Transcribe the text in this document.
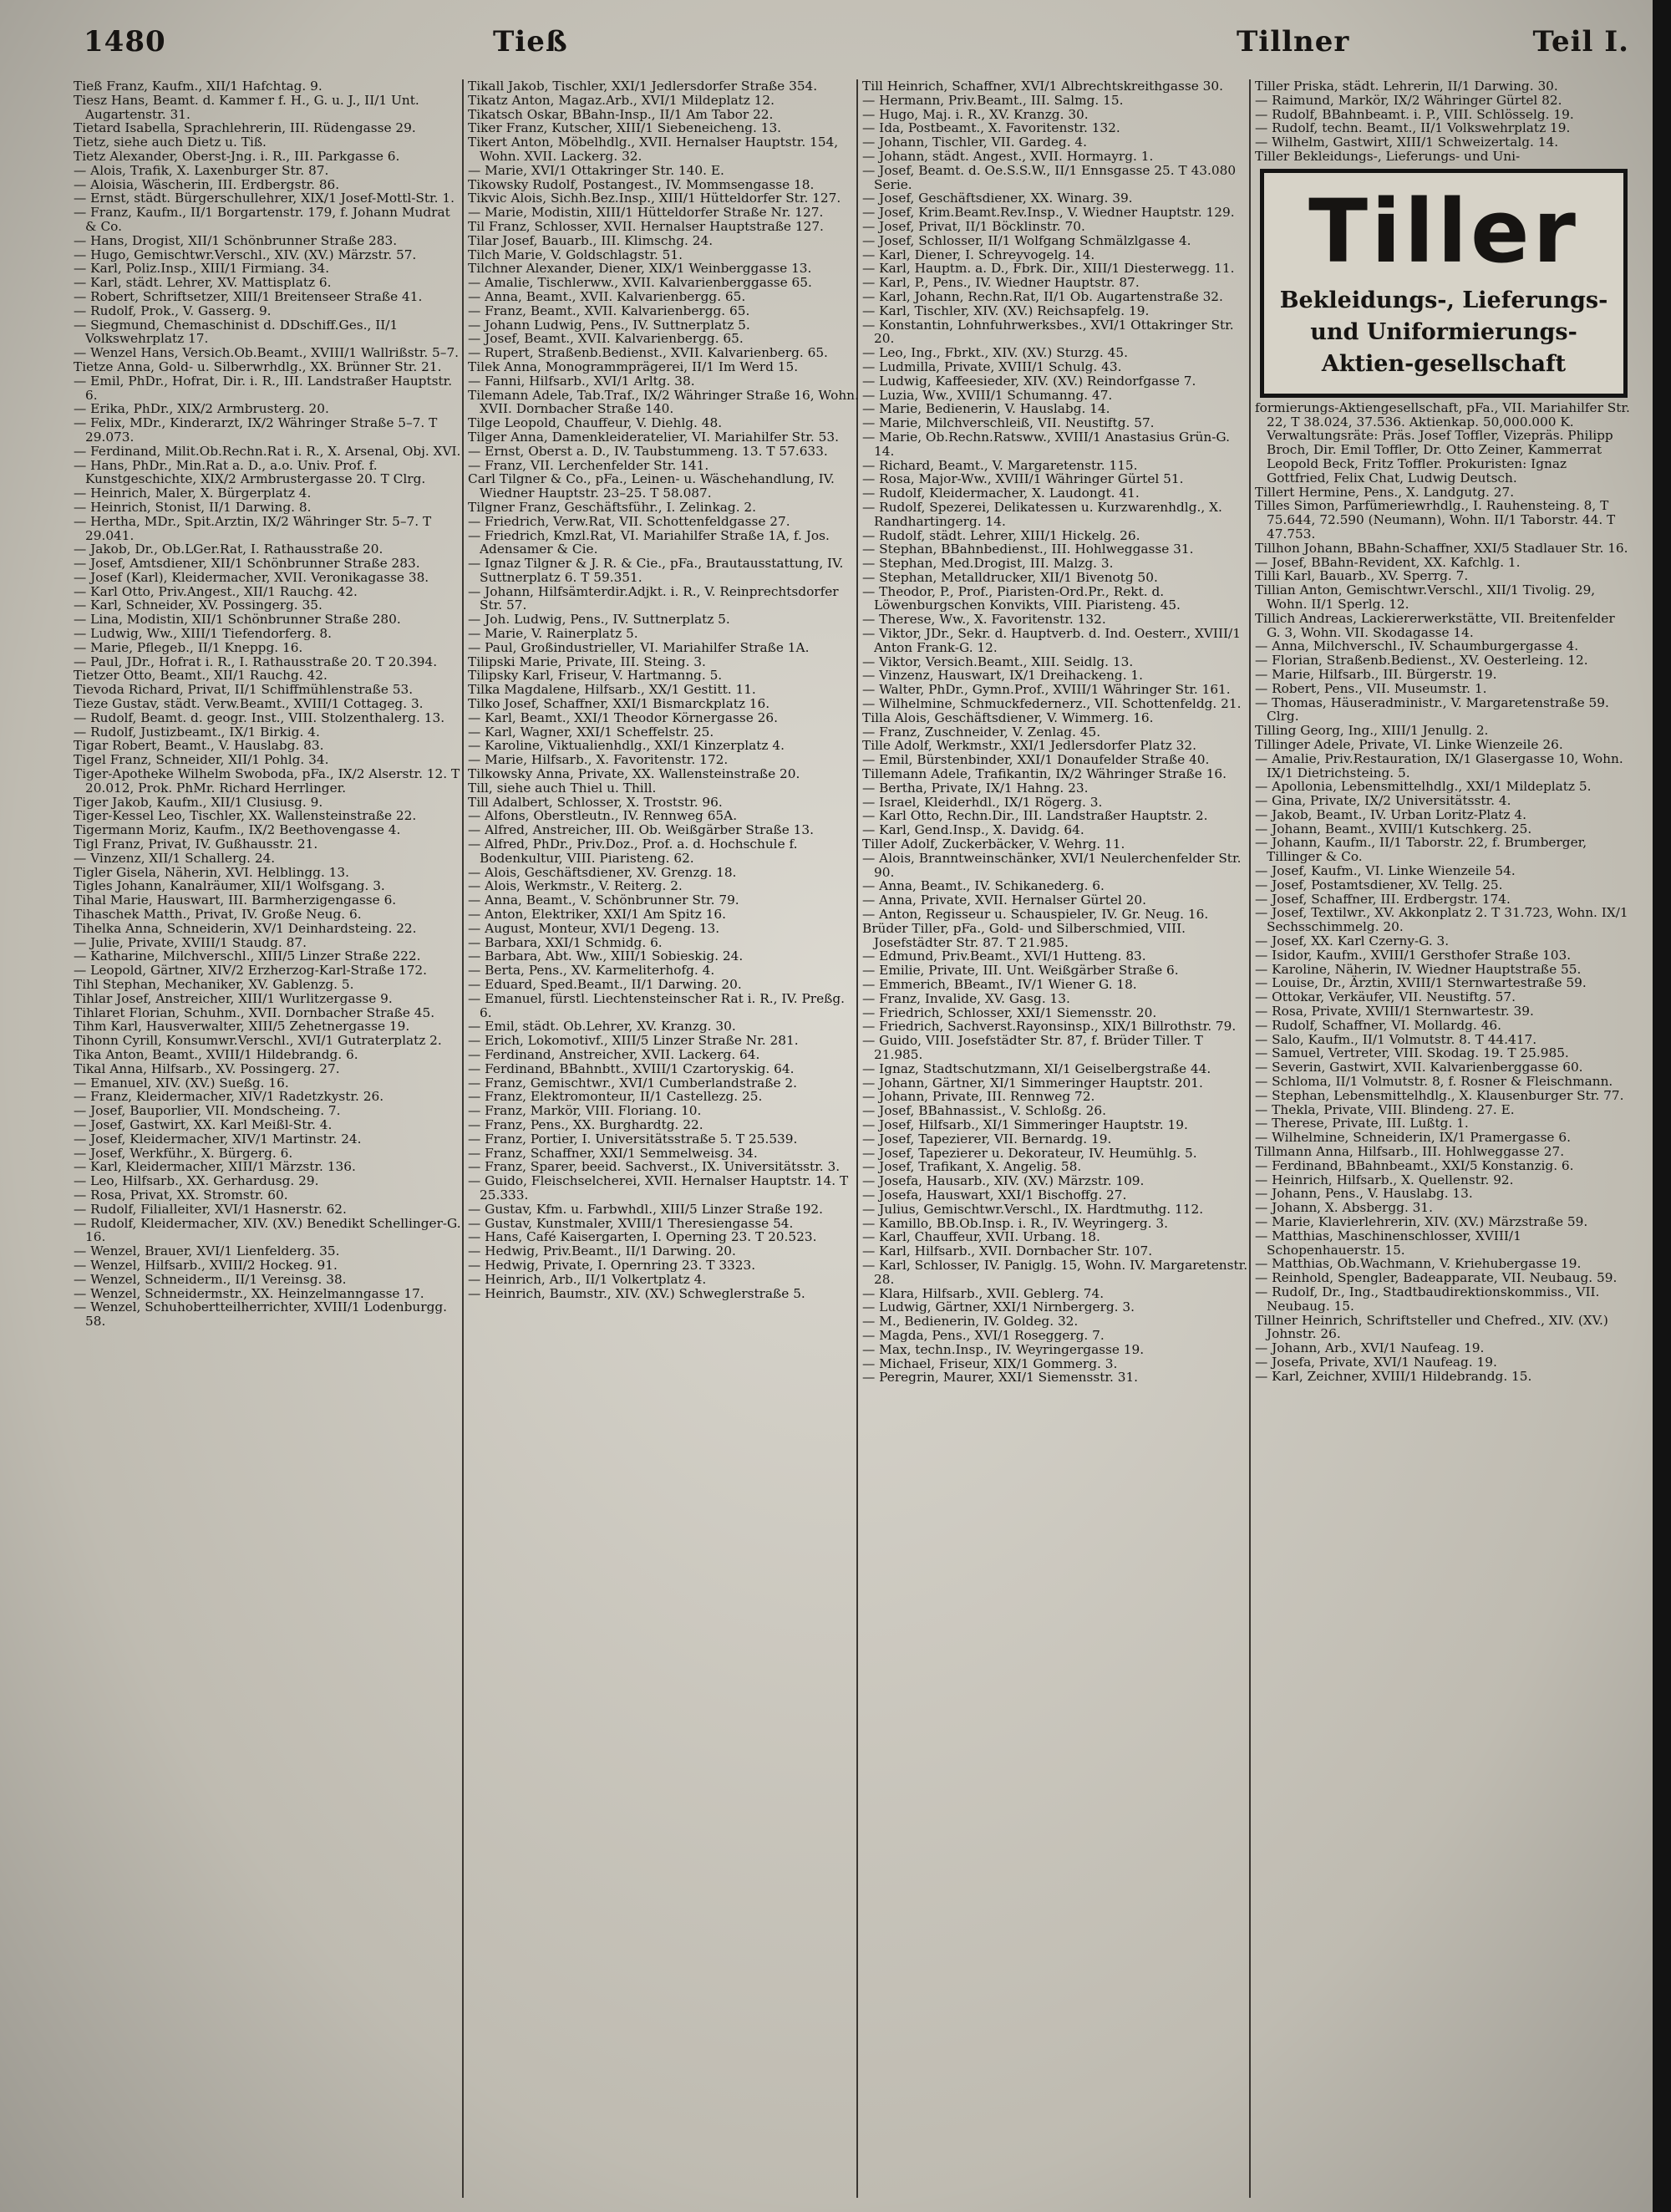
1480	Tieß	Tillner	Teil I.

Tieß Franz, Kaufm., XII/1 Hafchtag. 9.

Tiesz Hans, Beamt. d. Kammer f. H., G. u. J., II/1 Unt. Augartenstr. 31.

Tietard Isabella, Sprachlehrerin, III. Rüdengasse 29.

Tietz, siehe auch Dietz u. Tiß.

Tietz Alexander, Oberst-Jng. i. R., III. Parkgasse 6.

— Alois, Trafik, X. Laxenburger Str. 87.

— Aloisia, Wäscherin, III. Erdbergstr. 86.

— Ernst, städt. Bürgerschullehrer, XIX/1 Josef-Mottl-Str. 1.

— Franz, Kaufm., II/1 Borgartenstr. 179, f. Johann Mudrat & Co.

— Hans, Drogist, XII/1 Schönbrunner Straße 283.

— Hugo, Gemischtwr.Verschl., XIV. (XV.) Märzstr. 57.

— Karl, Poliz.Insp., XIII/1 Firmiang. 34.

— Karl, städt. Lehrer, XV. Mattisplatz 6.

— Robert, Schriftsetzer, XIII/1 Breitenseer Straße 41.

— Rudolf, Prok., V. Gasserg. 9.

— Siegmund, Chemaschinist d. DDschiff.Ges., II/1 Volkswehrplatz 17.

— Wenzel Hans, Versich.Ob.Beamt., XVIII/1 Wallrißstr. 5–7.

Tietze Anna, Gold- u. Silberwrhdlg., XX. Brünner Str. 21.

— Emil, PhDr., Hofrat, Dir. i. R., III. Landstraßer Hauptstr. 6.

— Erika, PhDr., XIX/2 Armbrusterg. 20.

— Felix, MDr., Kinderarzt, IX/2 Währinger Straße 5–7. T 29.073.

— Ferdinand, Milit.Ob.Rechn.Rat i. R., X. Arsenal, Obj. XVI.

— Hans, PhDr., Min.Rat a. D., a.o. Univ. Prof. f. Kunstgeschichte, XIX/2 Armbrustergasse 20. T Clrg.

— Heinrich, Maler, X. Bürgerplatz 4.

— Heinrich, Stonist, II/1 Darwing. 8.

— Hertha, MDr., Spit.Arztin, IX/2 Währinger Str. 5–7. T 29.041.

— Jakob, Dr., Ob.LGer.Rat, I. Rathausstraße 20.

— Josef, Amtsdiener, XII/1 Schönbrunner Straße 283.

— Josef (Karl), Kleidermacher, XVII. Veronikagasse 38.

— Karl Otto, Priv.Angest., XII/1 Rauchg. 42.

— Karl, Schneider, XV. Possingerg. 35.

— Lina, Modistin, XII/1 Schönbrunner Straße 280.

— Ludwig, Ww., XIII/1 Tiefendorferg. 8.

— Marie, Pflegeb., II/1 Kneppg. 16.

— Paul, JDr., Hofrat i. R., I. Rathausstraße 20. T 20.394.

Tietzer Otto, Beamt., XII/1 Rauchg. 42.

Tievoda Richard, Privat, II/1 Schiffmühlenstraße 53.

Tieze Gustav, städt. Verw.Beamt., XVIII/1 Cottageg. 3.

— Rudolf, Beamt. d. geogr. Inst., VIII. Stolzenthalerg. 13.

— Rudolf, Justizbeamt., IX/1 Birkig. 4.

Tigar Robert, Beamt., V. Hauslabg. 83.

Tigel Franz, Schneider, XII/1 Pohlg. 34.

Tiger-Apotheke Wilhelm Swoboda, pFa., IX/2 Alserstr. 12. T 20.012, Prok. PhMr. Richard Herrlinger.

Tiger Jakob, Kaufm., XII/1 Clusiusg. 9.

Tiger-Kessel Leo, Tischler, XX. Wallensteinstraße 22.

Tigermann Moriz, Kaufm., IX/2 Beethovengasse 4.

Tigl Franz, Privat, IV. Gußhausstr. 21.

— Vinzenz, XII/1 Schallerg. 24.

Tigler Gisela, Näherin, XVI. Helblingg. 13.

Tigles Johann, Kanalräumer, XII/1 Wolfsgang. 3.

Tihal Marie, Hauswart, III. Barmherzigengasse 6.

Tihaschek Matth., Privat, IV. Große Neug. 6.

Tihelka Anna, Schneiderin, XV/1 Deinhardsteing. 22.

— Julie, Private, XVIII/1 Staudg. 87.

— Katharine, Milchverschl., XIII/5 Linzer Straße 222.

— Leopold, Gärtner, XIV/2 Erzherzog-Karl-Straße 172.

Tihl Stephan, Mechaniker, XV. Gablenzg. 5.

Tihlar Josef, Anstreicher, XIII/1 Wurlitzergasse 9.

Tihlaret Florian, Schuhm., XVII. Dornbacher Straße 45.

Tihm Karl, Hausverwalter, XIII/5 Zehetnergasse 19.

Tihonn Cyrill, Konsumwr.Verschl., XVI/1 Gutraterplatz 2.

Tika Anton, Beamt., XVIII/1 Hildebrandg. 6.

Tikal Anna, Hilfsarb., XV. Possingerg. 27.

— Emanuel, XIV. (XV.) Sueßg. 16.

— Franz, Kleidermacher, XIV/1 Radetzkystr. 26.

— Josef, Bauporlier, VII. Mondscheing. 7.

— Josef, Gastwirt, XX. Karl Meißl-Str. 4.

— Josef, Kleidermacher, XIV/1 Martinstr. 24.

— Josef, Werkführ., X. Bürgerg. 6.

— Karl, Kleidermacher, XIII/1 Märzstr. 136.

— Leo, Hilfsarb., XX. Gerhardusg. 29.

— Rosa, Privat, XX. Stromstr. 60.

— Rudolf, Filialleiter, XVI/1 Hasnerstr. 62.

— Rudolf, Kleidermacher, XIV. (XV.) Benedikt Schellinger-G. 16.

— Wenzel, Brauer, XVI/1 Lienfelderg. 35.

— Wenzel, Hilfsarb., XVIII/2 Hockeg. 91.

— Wenzel, Schneiderm., II/1 Vereinsg. 38.

— Wenzel, Schneidermstr., XX. Heinzelmanngasse 17.

— Wenzel, Schuhobertteilherrichter, XVIII/1 Lodenburgg. 58.

Tikall Jakob, Tischler, XXI/1 Jedlersdorfer Straße 354.

Tikatz Anton, Magaz.Arb., XVI/1 Mildeplatz 12.

Tikatsch Oskar, BBahn-Insp., II/1 Am Tabor 22.

Tiker Franz, Kutscher, XIII/1 Siebeneicheng. 13.

Tikert Anton, Möbelhdlg., XVII. Hernalser Hauptstr. 154, Wohn. XVII. Lackerg. 32.

— Marie, XVI/1 Ottakringer Str. 140. E.

Tikowsky Rudolf, Postangest., IV. Mommsengasse 18.

Tikvic Alois, Sichh.Bez.Insp., XIII/1 Hütteldorfer Str. 127.

— Marie, Modistin, XIII/1 Hütteldorfer Straße Nr. 127.

Til Franz, Schlosser, XVII. Hernalser Hauptstraße 127.

Tilar Josef, Bauarb., III. Klimschg. 24.

Tilch Marie, V. Goldschlagstr. 51.

Tilchner Alexander, Diener, XIX/1 Weinberggasse 13.

— Amalie, Tischlerww., XVII. Kalvarienberggasse 65.

— Anna, Beamt., XVII. Kalvarienbergg. 65.

— Franz, Beamt., XVII. Kalvarienbergg. 65.

— Johann Ludwig, Pens., IV. Suttnerplatz 5.

— Josef, Beamt., XVII. Kalvarienbergg. 65.

— Rupert, Straßenb.Bedienst., XVII. Kalvarienberg. 65.

Tilek Anna, Monogrammprägerei, II/1 Im Werd 15.

— Fanni, Hilfsarb., XVI/1 Arltg. 38.

Tilemann Adele, Tab.Traf., IX/2 Währinger Straße 16, Wohn. XVII. Dornbacher Straße 140.

Tilge Leopold, Chauffeur, V. Diehlg. 48.

Tilger Anna, Damenkleideratelier, VI. Mariahilfer Str. 53.

— Ernst, Oberst a. D., IV. Taubstummeng. 13. T 57.633.

— Franz, VII. Lerchenfelder Str. 141.

Carl Tilgner & Co., pFa., Leinen- u. Wäschehandlung, IV. Wiedner Hauptstr. 23–25. T 58.087.

Tilgner Franz, Geschäftsführ., I. Zelinkag. 2.

— Friedrich, Verw.Rat, VII. Schottenfeldgasse 27.

— Friedrich, Kmzl.Rat, VI. Mariahilfer Straße 1A, f. Jos. Adensamer & Cie.

— Ignaz Tilgner & J. R. & Cie., pFa., Brautausstattung, IV. Suttnerplatz 6. T 59.351.

— Johann, Hilfsämterdir.Adjkt. i. R., V. Reinprechtsdorfer Str. 57.

— Joh. Ludwig, Pens., IV. Suttnerplatz 5.

— Marie, V. Rainerplatz 5.

— Paul, Großindustrieller, VI. Mariahilfer Straße 1A.

Tilipski Marie, Private, III. Steing. 3.

Tilipsky Karl, Friseur, V. Hartmanng. 5.

Tilka Magdalene, Hilfsarb., XX/1 Gestitt. 11.

Tilko Josef, Schaffner, XXI/1 Bismarckplatz 16.

— Karl, Beamt., XXI/1 Theodor Körnergasse 26.

— Karl, Wagner, XXI/1 Scheffelstr. 25.

— Karoline, Viktualienhdlg., XXI/1 Kinzerplatz 4.

— Marie, Hilfsarb., X. Favoritenstr. 172.

Tilkowsky Anna, Private, XX. Wallensteinstraße 20.

Till, siehe auch Thiel u. Thill.

Till Adalbert, Schlosser, X. Troststr. 96.

— Alfons, Oberstleutn., IV. Rennweg 65A.

— Alfred, Anstreicher, III. Ob. Weißgärber Straße 13.

— Alfred, PhDr., Priv.Doz., Prof. a. d. Hochschule f. Bodenkultur, VIII. Piaristeng. 62.

— Alois, Geschäftsdiener, XV. Grenzg. 18.

— Alois, Werkmstr., V. Reiterg. 2.

— Anna, Beamt., V. Schönbrunner Str. 79.

— Anton, Elektriker, XXI/1 Am Spitz 16.

— August, Monteur, XVI/1 Degeng. 13.

— Barbara, XXI/1 Schmidg. 6.

— Barbara, Abt. Ww., XIII/1 Sobieskig. 24.

— Berta, Pens., XV. Karmeliterhofg. 4.

— Eduard, Sped.Beamt., II/1 Darwing. 20.

— Emanuel, fürstl. Liechtensteinscher Rat i. R., IV. Preßg. 6.

— Emil, städt. Ob.Lehrer, XV. Kranzg. 30.

— Erich, Lokomotivf., XIII/5 Linzer Straße Nr. 281.

— Ferdinand, Anstreicher, XVII. Lackerg. 64.

— Ferdinand, BBahnbtt., XVIII/1 Czartoryskig. 64.

— Franz, Gemischtwr., XVI/1 Cumberlandstraße 2.

— Franz, Elektromonteur, II/1 Castellezg. 25.

— Franz, Markör, VIII. Floriang. 10.

— Franz, Pens., XX. Burghardtg. 22.

— Franz, Portier, I. Universitätsstraße 5. T 25.539.

— Franz, Schaffner, XXI/1 Semmelweisg. 34.

— Franz, Sparer, beeid. Sachverst., IX. Universitätsstr. 3.

— Guido, Fleischselcherei, XVII. Hernalser Hauptstr. 14. T 25.333.

— Gustav, Kfm. u. Farbwhdl., XIII/5 Linzer Straße 192.

— Gustav, Kunstmaler, XVIII/1 Theresiengasse 54.

— Hans, Café Kaisergarten, I. Operning 23. T 20.523.

— Hedwig, Priv.Beamt., II/1 Darwing. 20.

— Hedwig, Private, I. Opernring 23. T 3323.

— Heinrich, Arb., II/1 Volkertplatz 4.

— Heinrich, Baumstr., XIV. (XV.) Schweglerstraße 5.

Till Heinrich, Schaffner, XVI/1 Albrechtskreithgasse 30.

— Hermann, Priv.Beamt., III. Salmg. 15.

— Hugo, Maj. i. R., XV. Kranzg. 30.

— Ida, Postbeamt., X. Favoritenstr. 132.

— Johann, Tischler, VII. Gardeg. 4.

— Johann, städt. Angest., XVII. Hormayrg. 1.

— Josef, Beamt. d. Oe.S.S.W., II/1 Ennsgasse 25. T 43.080 Serie.

— Josef, Geschäftsdiener, XX. Winarg. 39.

— Josef, Krim.Beamt.Rev.Insp., V. Wiedner Hauptstr. 129.

— Josef, Privat, II/1 Böcklinstr. 70.

— Josef, Schlosser, II/1 Wolfgang Schmälzlgasse 4.

— Karl, Diener, I. Schreyvogelg. 14.

— Karl, Hauptm. a. D., Fbrk. Dir., XIII/1 Diesterwegg. 11.

— Karl, P., Pens., IV. Wiedner Hauptstr. 87.

— Karl, Johann, Rechn.Rat, II/1 Ob. Augartenstraße 32.

— Karl, Tischler, XIV. (XV.) Reichsapfelg. 19.

— Konstantin, Lohnfuhrwerksbes., XVI/1 Ottakringer Str. 20.

— Leo, Ing., Fbrkt., XIV. (XV.) Sturzg. 45.

— Ludmilla, Private, XVIII/1 Schulg. 43.

— Ludwig, Kaffeesieder, XIV. (XV.) Reindorfgasse 7.

— Luzia, Ww., XVIII/1 Schumanng. 47.

— Marie, Bedienerin, V. Hauslabg. 14.

— Marie, Milchverschleiß, VII. Neustiftg. 57.

— Marie, Ob.Rechn.Ratsww., XVIII/1 Anastasius Grün-G. 14.

— Richard, Beamt., V. Margaretenstr. 115.

— Rosa, Major-Ww., XVIII/1 Währinger Gürtel 51.

— Rudolf, Kleidermacher, X. Laudongt. 41.

— Rudolf, Spezerei, Delikatessen u. Kurzwarenhdlg., X. Randhartingerg. 14.

— Rudolf, städt. Lehrer, XIII/1 Hickelg. 26.

— Stephan, BBahnbedienst., III. Hohlweggasse 31.

— Stephan, Med.Drogist, III. Malzg. 3.

— Stephan, Metalldrucker, XII/1 Bivenotg 50.

— Theodor, P., Prof., Piaristen-Ord.Pr., Rekt. d. Löwenburgschen Konvikts, VIII. Piaristeng. 45.

— Therese, Ww., X. Favoritenstr. 132.

— Viktor, JDr., Sekr. d. Hauptverb. d. Ind. Oesterr., XVIII/1 Anton Frank-G. 12.

— Viktor, Versich.Beamt., XIII. Seidlg. 13.

— Vinzenz, Hauswart, IX/1 Dreihackeng. 1.

— Walter, PhDr., Gymn.Prof., XVIII/1 Währinger Str. 161.

— Wilhelmine, Schmuckfedernerz., VII. Schottenfeldg. 21.

Tilla Alois, Geschäftsdiener, V. Wimmerg. 16.

— Franz, Zuschneider, V. Zenlag. 45.

Tille Adolf, Werkmstr., XXI/1 Jedlersdorfer Platz 32.

— Emil, Bürstenbinder, XXI/1 Donaufelder Straße 40.

Tillemann Adele, Trafikantin, IX/2 Währinger Straße 16.

— Bertha, Private, IX/1 Hahng. 23.

— Israel, Kleiderhdl., IX/1 Rögerg. 3.

— Karl Otto, Rechn.Dir., III. Landstraßer Hauptstr. 2.

— Karl, Gend.Insp., X. Davidg. 64.

Tiller Adolf, Zuckerbäcker, V. Wehrg. 11.

— Alois, Branntweinschänker, XVI/1 Neulerchenfelder Str. 90.

— Anna, Beamt., IV. Schikanederg. 6.

— Anna, Private, XVII. Hernalser Gürtel 20.

— Anton, Regisseur u. Schauspieler, IV. Gr. Neug. 16.

Brüder Tiller, pFa., Gold- und Silberschmied, VIII. Josefstädter Str. 87. T 21.985.

— Edmund, Priv.Beamt., XVI/1 Hutteng. 83.

— Emilie, Private, III. Unt. Weißgärber Straße 6.

— Emmerich, BBeamt., IV/1 Wiener G. 18.

— Franz, Invalide, XV. Gasg. 13.

— Friedrich, Schlosser, XXI/1 Siemensstr. 20.

— Friedrich, Sachverst.Rayonsinsp., XIX/1 Billrothstr. 79.

— Guido, VIII. Josefstädter Str. 87, f. Brüder Tiller. T 21.985.

— Ignaz, Stadtschutzmann, XI/1 Geiselbergstraße 44.

— Johann, Gärtner, XI/1 Simmeringer Hauptstr. 201.

— Johann, Private, III. Rennweg 72.

— Josef, BBahnassist., V. Schloßg. 26.

— Josef, Hilfsarb., XI/1 Simmeringer Hauptstr. 19.

— Josef, Tapezierer, VII. Bernardg. 19.

— Josef, Tapezierer u. Dekorateur, IV. Heumühlg. 5.

— Josef, Trafikant, X. Angelig. 58.

— Josefa, Hausarb., XIV. (XV.) Märzstr. 109.

— Josefa, Hauswart, XXI/1 Bischoffg. 27.

— Julius, Gemischtwr.Verschl., IX. Hardtmuthg. 112.

— Kamillo, BB.Ob.Insp. i. R., IV. Weyringerg. 3.

— Karl, Chauffeur, XVII. Urbang. 18.

— Karl, Hilfsarb., XVII. Dornbacher Str. 107.

— Karl, Schlosser, IV. Paniglg. 15, Wohn. IV. Margaretenstr. 28.

— Klara, Hilfsarb., XVII. Geblerg. 74.

— Ludwig, Gärtner, XXI/1 Nirnbergerg. 3.

— M., Bedienerin, IV. Goldeg. 32.

— Magda, Pens., XVI/1 Roseggerg. 7.

— Max, techn.Insp., IV. Weyringergasse 19.

— Michael, Friseur, XIX/1 Gommerg. 3.

— Peregrin, Maurer, XXI/1 Siemensstr. 31.

Tiller Priska, städt. Lehrerin, II/1 Darwing. 30.

— Raimund, Markör, IX/2 Währinger Gürtel 82.

— Rudolf, BBahnbeamt. i. P., VIII. Schlösselg. 19.

— Rudolf, techn. Beamt., II/1 Volkswehrplatz 19.

— Wilhelm, Gastwirt, XIII/1 Schweizertalg. 14.

Tiller Bekleidungs-, Lieferungs- und Uni-

Tiller
Bekleidungs-, Lieferungs- und Uniformierungs-Aktien-gesellschaft

formierungs-Aktiengesellschaft, pFa., VII. Mariahilfer Str. 22, T 38.024, 37.536. Aktienkap. 50,000.000 K. Verwaltungsräte: Präs. Josef Toffler, Vizepräs. Philipp Broch, Dir. Emil Toffler, Dr. Otto Zeiner, Kammerrat Leopold Beck, Fritz Toffler. Prokuristen: Ignaz Gottfried, Felix Chat, Ludwig Deutsch.

Tillert Hermine, Pens., X. Landgutg. 27.

Tilles Simon, Parfümeriewrhdlg., I. Rauhensteing. 8, T 75.644, 72.590 (Neumann), Wohn. II/1 Taborstr. 44. T 47.753.

Tillhon Johann, BBahn-Schaffner, XXI/5 Stadlauer Str. 16.

— Josef, BBahn-Revident, XX. Kafchlg. 1.

Tilli Karl, Bauarb., XV. Sperrg. 7.

Tillian Anton, Gemischtwr.Verschl., XII/1 Tivolig. 29, Wohn. II/1 Sperlg. 12.

Tillich Andreas, Lackiererwerkstätte, VII. Breitenfelder G. 3, Wohn. VII. Skodagasse 14.

— Anna, Milchverschl., IV. Schaumburgergasse 4.

— Florian, Straßenb.Bedienst., XV. Oesterleing. 12.

— Marie, Hilfsarb., III. Bürgerstr. 19.

— Robert, Pens., VII. Museumstr. 1.

— Thomas, Häuseradministr., V. Margaretenstraße 59. Clrg.

Tilling Georg, Ing., XIII/1 Jenullg. 2.

Tillinger Adele, Private, VI. Linke Wienzeile 26.

— Amalie, Priv.Restauration, IX/1 Glasergasse 10, Wohn. IX/1 Dietrichsteing. 5.

— Apollonia, Lebensmittelhdlg., XXI/1 Mildeplatz 5.

— Gina, Private, IX/2 Universitätsstr. 4.

— Jakob, Beamt., IV. Urban Loritz-Platz 4.

— Johann, Beamt., XVIII/1 Kutschkerg. 25.

— Johann, Kaufm., II/1 Taborstr. 22, f. Brumberger, Tillinger & Co.

— Josef, Kaufm., VI. Linke Wienzeile 54.

— Josef, Postamtsdiener, XV. Tellg. 25.

— Josef, Schaffner, III. Erdbergstr. 174.

— Josef, Textilwr., XV. Akkonplatz 2. T 31.723, Wohn. IX/1 Sechsschimmelg. 20.

— Josef, XX. Karl Czerny-G. 3.

— Isidor, Kaufm., XVIII/1 Gersthofer Straße 103.

— Karoline, Näherin, IV. Wiedner Hauptstraße 55.

— Louise, Dr., Ärztin, XVIII/1 Sternwartestraße 59.

— Ottokar, Verkäufer, VII. Neustiftg. 57.

— Rosa, Private, XVIII/1 Sternwartestr. 39.

— Rudolf, Schaffner, VI. Mollardg. 46.

— Salo, Kaufm., II/1 Volmutstr. 8. T 44.417.

— Samuel, Vertreter, VIII. Skodag. 19. T 25.985.

— Severin, Gastwirt, XVII. Kalvarienberggasse 60.

— Schloma, II/1 Volmutstr. 8, f. Rosner & Fleischmann.

— Stephan, Lebensmittelhdlg., X. Klausenburger Str. 77.

— Thekla, Private, VIII. Blindeng. 27. E.

— Therese, Private, III. Lußtg. 1.

— Wilhelmine, Schneiderin, IX/1 Pramergasse 6.

Tillmann Anna, Hilfsarb., III. Hohlweggasse 27.

— Ferdinand, BBahnbeamt., XXI/5 Konstanzig. 6.

— Heinrich, Hilfsarb., X. Quellenstr. 92.

— Johann, Pens., V. Hauslabg. 13.

— Johann, X. Absbergg. 31.

— Marie, Klavierlehrerin, XIV. (XV.) Märzstraße 59.

— Matthias, Maschinenschlosser, XVIII/1 Schopenhauerstr. 15.

— Matthias, Ob.Wachmann, V. Kriehubergasse 19.

— Reinhold, Spengler, Badeapparate, VII. Neubaug. 59.

— Rudolf, Dr., Ing., Stadtbaudirektionskommiss., VII. Neubaug. 15.

Tillner Heinrich, Schriftsteller und Chefred., XIV. (XV.) Johnstr. 26.

— Johann, Arb., XVI/1 Naufeag. 19.

— Josefa, Private, XVI/1 Naufeag. 19.

— Karl, Zeichner, XVIII/1 Hildebrandg. 15.
